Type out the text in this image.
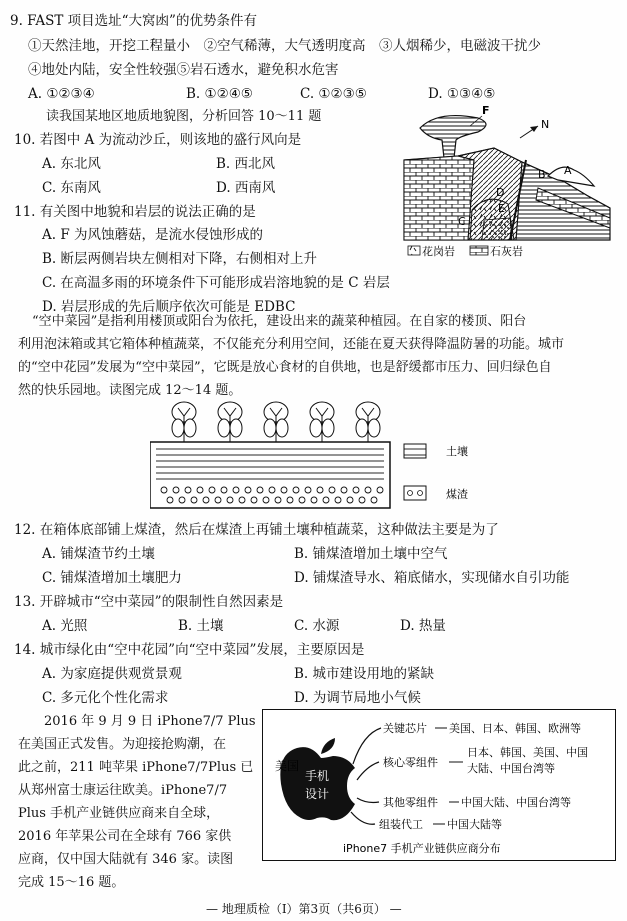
9. FAST 项目选址“大窝凼”的优势条件有
①天然洼地，开挖工程量小　②空气稀薄，大气透明度高　③人烟稀少，电磁波干扰少
④地处内陆，安全性较强⑤岩石透水，避免积水危害
A. ①②③④	B. ①②④⑤	C. ①②③⑤	D. ①③④⑤
读我国某地区地质地貌图，分析回答 10～11 题
10. 若图中 A 为流动沙丘，则该地的盛行风向是
A. 东北风	B. 西北风
C. 东南风	D. 西南风
11. 有关图中地貌和岩层的说法正确的是
A. F 为风蚀蘑菇，是流水侵蚀形成的
B. 断层两侧岩块左侧相对下降，右侧相对上升
C. 在高温多雨的环境条件下可能形成岩溶地貌的是 C 岩层
D. 岩层形成的先后顺序依次可能是 EDBC
F
N
A
B
C
D
E
花岗岩	石灰岩
“空中菜园”是指利用楼顶或阳台为依托，建设出来的蔬菜种植园。在自家的楼顶、阳台
利用泡沫箱或其它箱体种植蔬菜，不仅能充分利用空间，还能在夏天获得降温防暑的功能。城市
的“空中花园”发展为“空中菜园”，它既是放心食材的自供地，也是舒缓都市压力、回归绿色自
然的快乐园地。读图完成 12～14 题。
土壤
煤渣
12. 在箱体底部铺上煤渣，然后在煤渣上再铺土壤种植蔬菜，这种做法主要是为了
A. 铺煤渣节约土壤	B. 铺煤渣增加土壤中空气
C. 铺煤渣增加土壤肥力	D. 铺煤渣导水、箱底储水，实现储水自引功能
13. 开辟城市“空中菜园”的限制性自然因素是
A. 光照	B. 土壤	C. 水源	D. 热量
14. 城市绿化由“空中花园”向“空中菜园”发展，主要原因是
A. 为家庭提供观赏景观	B. 城市建设用地的紧缺
C. 多元化个性化需求	D. 为调节局地小气候
2016 年 9 月 9 日 iPhone7/7 Plus
在美国正式发售。为迎接抢购潮，在
此之前，211 吨苹果 iPhone7/7Plus 已
从郑州富士康运往欧美。iPhone7/7
Plus 手机产业链供应商来自全球，
2016 年苹果公司在全球有 766 家供
应商，仅中国大陆就有 346 家。读图
完成 15～16 题。
手机
设计
美国
关键芯片 美国、日本、韩国、欧洲等
核心零组件
日本、韩国、美国、中国
大陆、中国台湾等
其他零组件 中国大陆、中国台湾等
组装代工 中国大陆等
iPhone7 手机产业链供应商分布
— 地理质检（Ⅰ）第3页（共6页） —
